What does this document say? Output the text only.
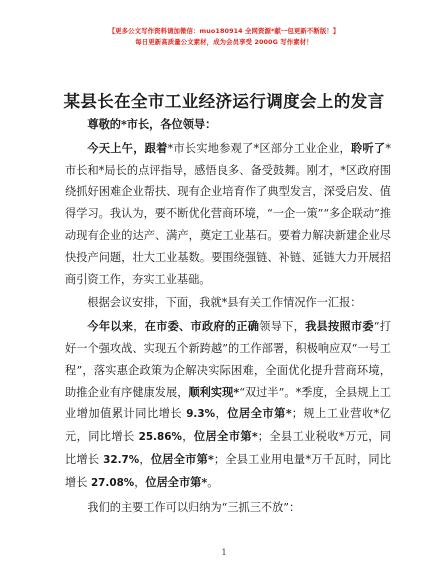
【更多公文写作资料请加微信：muo180914 全网资源*献一包更新不断版！】
每日更新高质量公文素材，成为会员享受 2000G 写作素材！
某县长在全市工业经济运行调度会上的发言

尊敬的*市长，各位领导：

今天上午，跟着*市长实地参观了*区部分工业企业，聆听了*市长和*局长的点评指导，感悟良多、备受鼓舞。刚才，*区政府围绕抓好困难企业帮扶、现有企业培育作了典型发言，深受启发、值得学习。我认为，要不断优化营商环境，“一企一策”“多企联动”推动现有企业的达产、满产，奠定工业基石。要着力解决新建企业尽快投产问题，壮大工业基数。要围绕强链、补链、延链大力开展招商引资工作，夯实工业基础。

根据会议安排，下面，我就*县有关工作情况作一汇报：

今年以来，在市委、市政府的正确领导下，我县按照市委“打好一个强攻战、实现五个新跨越”的工作部署，积极响应双“一号工程”，落实惠企政策为企解决实际困难，全面优化提升营商环境，助推企业有序健康发展，顺利实现*“双过半”。*季度，全县规上工业增加值累计同比增长 9.3%，位居全市第*；规上工业营收*亿元，同比增长 25.86%，位居全市第*；全县工业税收*万元，同比增长 32.7%，位居全市第*；全县工业用电量*万千瓦时，同比增长 27.08%，位居全市第*。

我们的主要工作可以归纳为“三抓三不放”：

1
